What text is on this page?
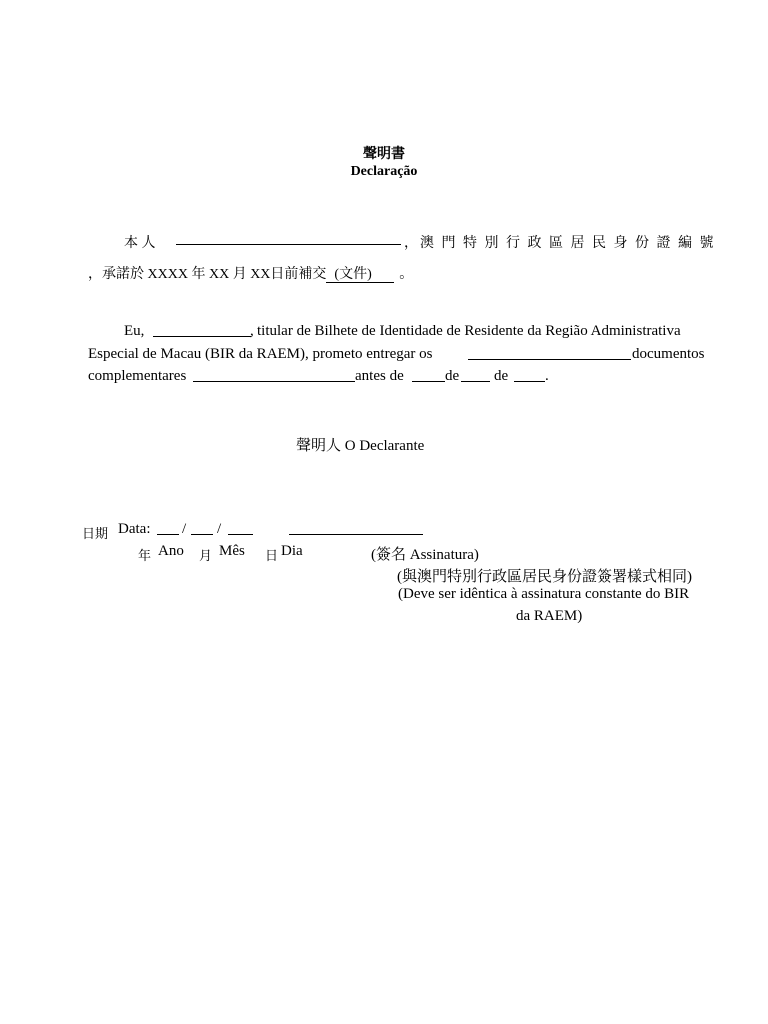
聲明書
Declaração
本 人	，澳 門 特 別 行 政 區 居 民 身 份 證 編 號
，承諾於 XXXX 年 XX 月 XX日前補交 (文件) 。
Eu,	, titular de Bilhete de Identidade de Residente da Região Administrativa
Especial de Macau (BIR da RAEM), prometo entregar os	documentos
complementares	antes de	de de .
聲明人 O Declarante
日期 Data: / /
年 Ano 月 Mês 日 Dia	(簽名 Assinatura)
(與澳門特別行政區居民身份證簽署樣式相同)
(Deve ser idêntica à assinatura constante do BIR
da RAEM)
